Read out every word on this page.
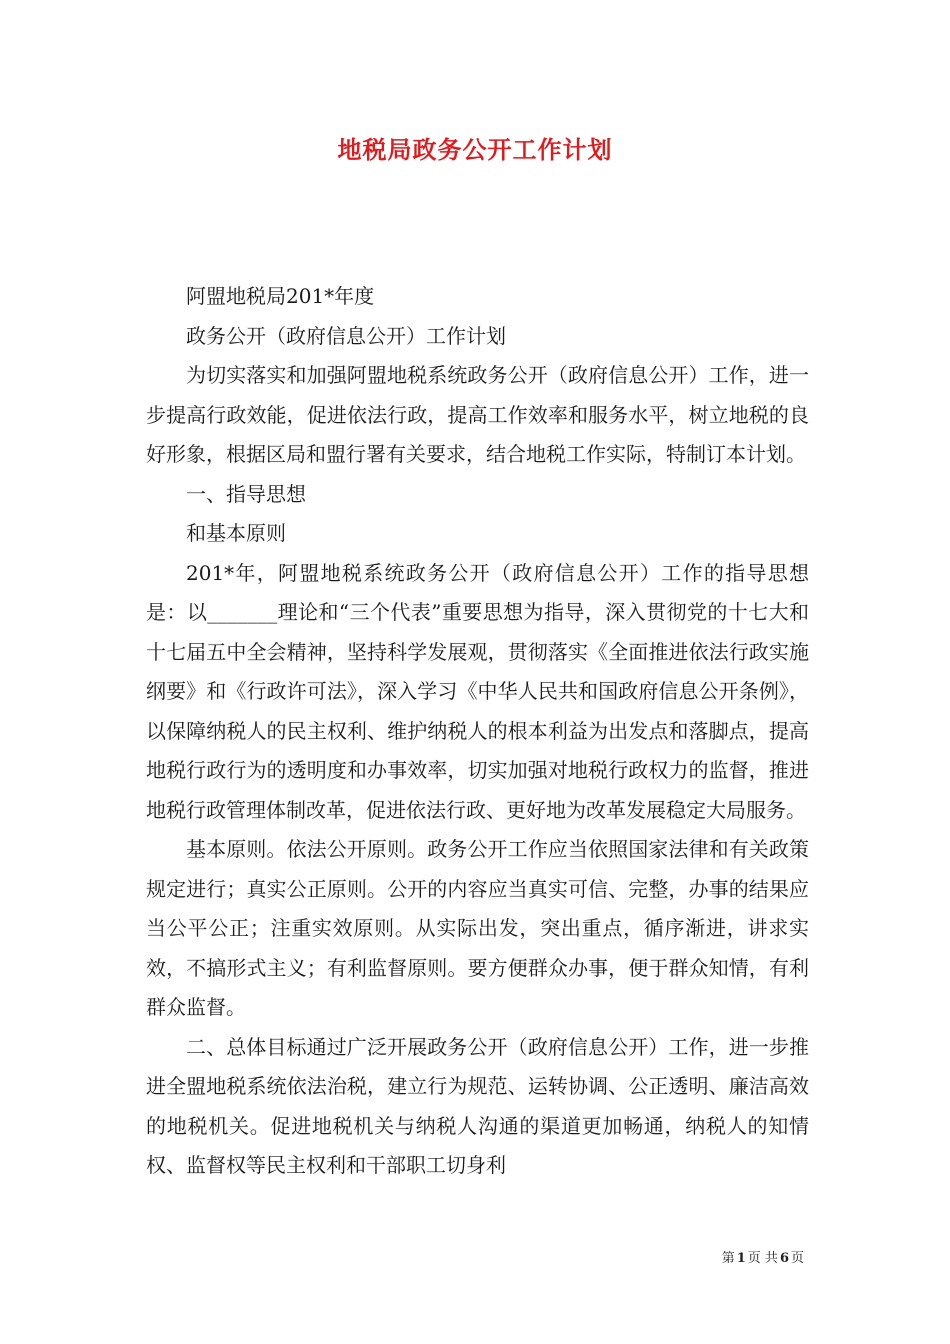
地税局政务公开工作计划

阿盟地税局201*年度

政务公开（政府信息公开）工作计划

为切实落实和加强阿盟地税系统政务公开（政府信息公开）工作，进一步提高行政效能，促进依法行政，提高工作效率和服务水平，树立地税的良好形象，根据区局和盟行署有关要求，结合地税工作实际，特制订本计划。

一、指导思想

和基本原则

201*年，阿盟地税系统政务公开（政府信息公开）工作的指导思想是：以_______理论和“三个代表”重要思想为指导，深入贯彻党的十七大和十七届五中全会精神，坚持科学发展观，贯彻落实《全面推进依法行政实施纲要》和《行政许可法》，深入学习《中华人民共和国政府信息公开条例》，以保障纳税人的民主权利、维护纳税人的根本利益为出发点和落脚点，提高地税行政行为的透明度和办事效率，切实加强对地税行政权力的监督，推进地税行政管理体制改革，促进依法行政、更好地为改革发展稳定大局服务。

基本原则。依法公开原则。政务公开工作应当依照国家法律和有关政策规定进行；真实公正原则。公开的内容应当真实可信、完整，办事的结果应当公平公正；注重实效原则。从实际出发，突出重点，循序渐进，讲求实效，不搞形式主义；有利监督原则。要方便群众办事，便于群众知情，有利群众监督。

二、总体目标通过广泛开展政务公开（政府信息公开）工作，进一步推进全盟地税系统依法治税，建立行为规范、运转协调、公正透明、廉洁高效的地税机关。促进地税机关与纳税人沟通的渠道更加畅通，纳税人的知情权、监督权等民主权利和干部职工切身利

第 1 页 共 6 页
